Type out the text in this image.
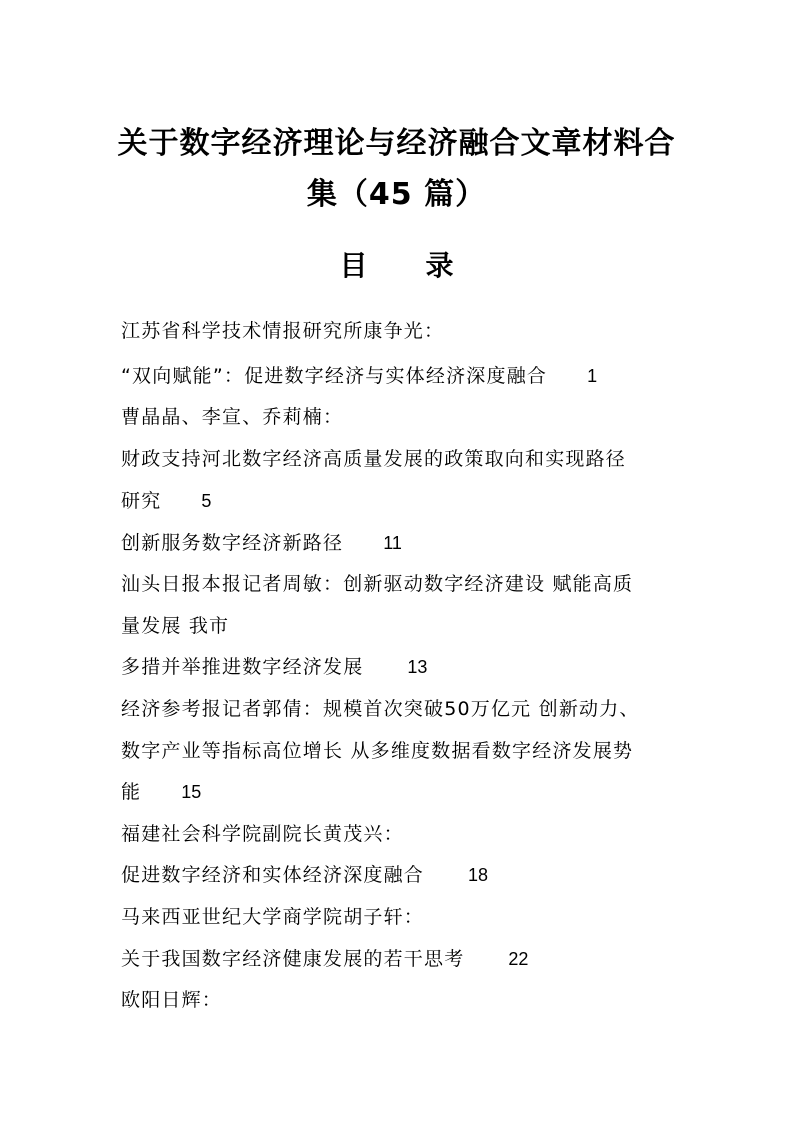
关于数字经济理论与经济融合文章材料合
集（45 篇）
目录
江苏省科学技术情报研究所康争光：
“双向赋能”：促进数字经济与实体经济深度融合 1
曹晶晶、李宣、乔莉楠：
财政支持河北数字经济高质量发展的政策取向和实现路径
研究 5
创新服务数字经济新路径 11
汕头日报本报记者周敏：创新驱动数字经济建设 赋能高质
量发展 我市
多措并举推进数字经济发展 13
经济参考报记者郭倩：规模首次突破50万亿元 创新动力、
数字产业等指标高位增长 从多维度数据看数字经济发展势
能 15
福建社会科学院副院长黄茂兴：
促进数字经济和实体经济深度融合 18
马来西亚世纪大学商学院胡子轩：
关于我国数字经济健康发展的若干思考 22
欧阳日辉：
